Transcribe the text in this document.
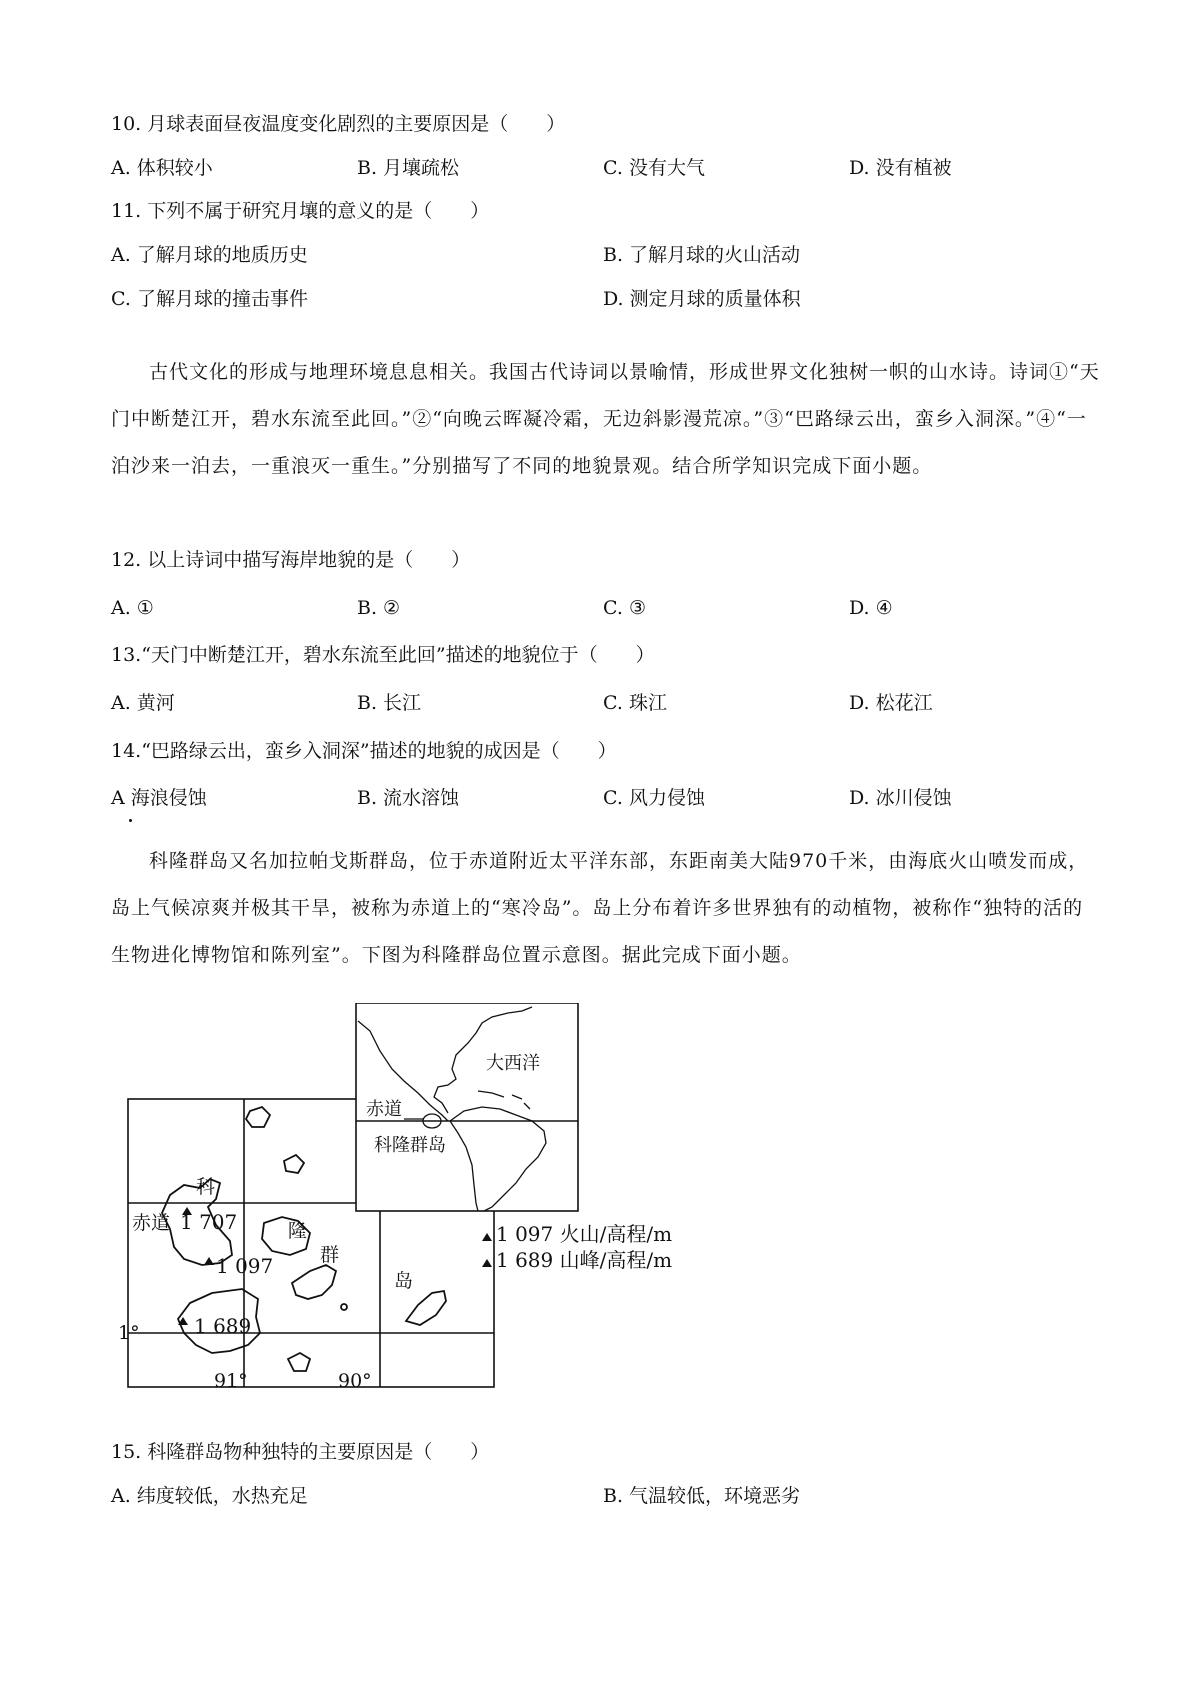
10. 月球表面昼夜温度变化剧烈的主要原因是（　　）
A. 体积较小	B. 月壤疏松	C. 没有大气	D. 没有植被
11. 下列不属于研究月壤的意义的是（　　）
A. 了解月球的地质历史	B. 了解月球的火山活动
C. 了解月球的撞击事件	D. 测定月球的质量体积
古代文化的形成与地理环境息息相关。我国古代诗词以景喻情，形成世界文化独树一帜的山水诗。诗词①“天门中断楚江开，碧水东流至此回。”②“向晚云晖凝冷霜，无边斜影漫荒凉。”③“巴路绿云出，蛮乡入洞深。”④“一泊沙来一泊去，一重浪灭一重生。”分别描写了不同的地貌景观。结合所学知识完成下面小题。
12. 以上诗词中描写海岸地貌的是（　　）
A. ①	B. ②	C. ③	D. ④
13.“天门中断楚江开，碧水东流至此回”描述的地貌位于（　　）
A. 黄河	B. 长江	C. 珠江	D. 松花江
14.“巴路绿云出，蛮乡入洞深”描述的地貌的成因是（　　）
A 海浪侵蚀	B. 流水溶蚀	C. 风力侵蚀	D. 冰川侵蚀
科隆群岛又名加拉帕戈斯群岛，位于赤道附近太平洋东部，东距南美大陆970千米，由海底火山喷发而成，岛上气候凉爽并极其干旱，被称为赤道上的“寒冷岛”。岛上分布着许多世界独有的动植物，被称作“独特的活的生物进化博物馆和陈列室”。下图为科隆群岛位置示意图。据此完成下面小题。
科
隆
群
岛
赤道 1 707
1 097
1 689
1°
91°	90°
大西洋
赤道
科隆群岛
1 097 火山/高程/m
1 689 山峰/高程/m
15. 科隆群岛物种独特的主要原因是（　　）
A. 纬度较低，水热充足	B. 气温较低，环境恶劣
